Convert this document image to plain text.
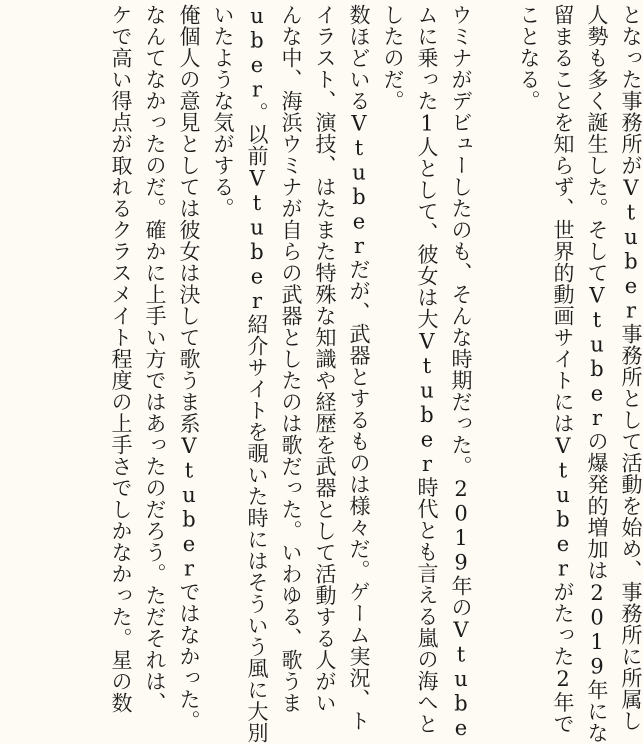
となった事務所がVtuber事務所として活動を始め、事務所に所属し
人勢も多く誕生した。そしてVtuberの爆発的増加は2019年にな
留まることを知らず、世界的動画サイトにはVtuberがたった2年で
ことなる。
ウミナがデビューしたのも、そんな時期だった。2019年のVtube
ムに乗った1人として、彼女は大Vtuber時代とも言える嵐の海へと
したのだ。
数ほどいるVtuberだが、武器とするものは様々だ。ゲーム実況、ト
イラスト、演技、はたまた特殊な知識や経歴を武器として活動する人がい
んな中、海浜ウミナが自らの武器としたのは歌だった。いわゆる、歌うま
uber。以前Vtuber紹介サイトを覗いた時にはそういう風に大別
いたような気がする。
俺個人の意見としては彼女は決して歌うま系Vtuberではなかった。
なんてなかったのだ。確かに上手い方ではあったのだろう。ただそれは、
ケで高い得点が取れるクラスメイト程度の上手さでしかなかった。星の数
